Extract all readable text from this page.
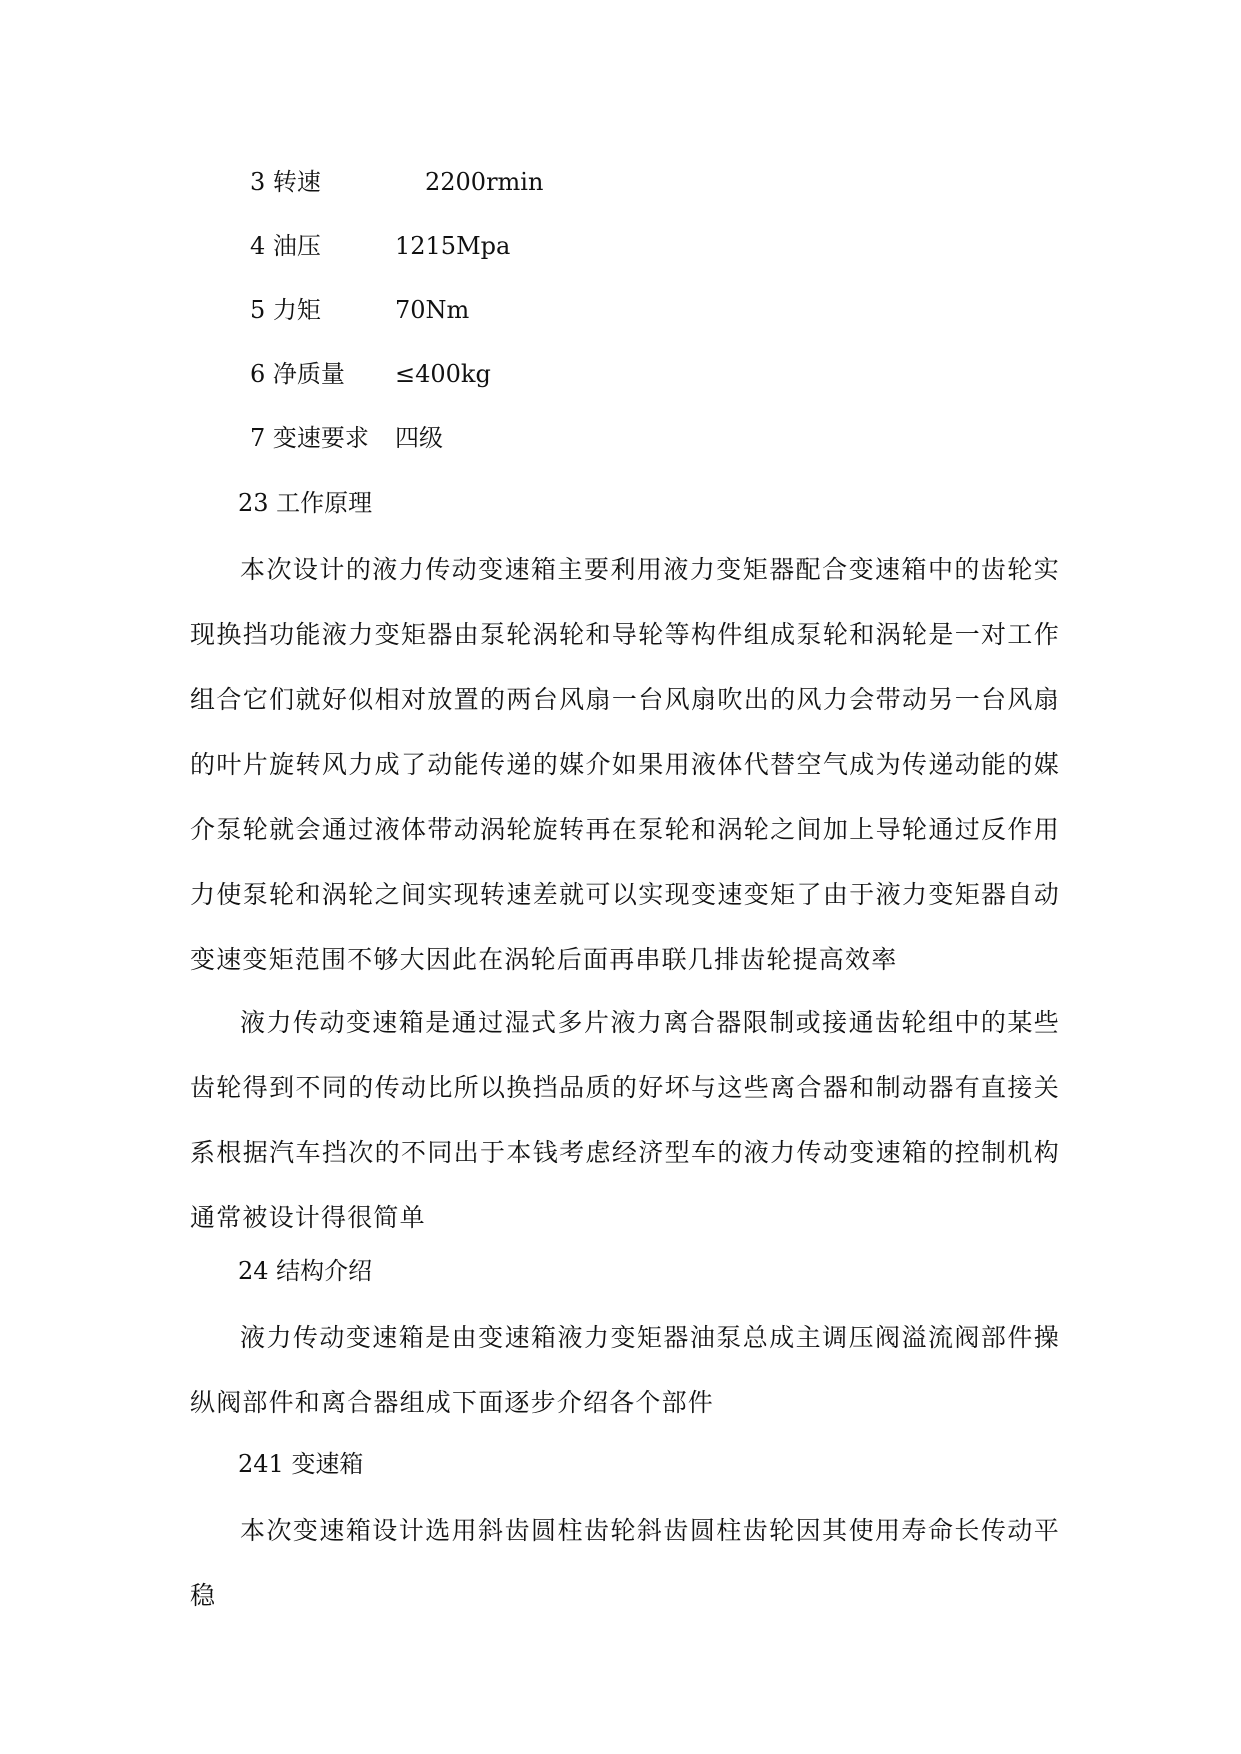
3 转速	2200rmin
4 油压	1215Mpa
5 力矩	70Nm
6 净质量 ≤400kg
7 变速要求 四级
23 工作原理

本次设计的液力传动变速箱主要利用液力变矩器配合变速箱中的齿轮实现换挡功能液力变矩器由泵轮涡轮和导轮等构件组成泵轮和涡轮是一对工作组合它们就好似相对放置的两台风扇一台风扇吹出的风力会带动另一台风扇的叶片旋转风力成了动能传递的媒介如果用液体代替空气成为传递动能的媒介泵轮就会通过液体带动涡轮旋转再在泵轮和涡轮之间加上导轮通过反作用力使泵轮和涡轮之间实现转速差就可以实现变速变矩了由于液力变矩器自动变速变矩范围不够大因此在涡轮后面再串联几排齿轮提高效率

液力传动变速箱是通过湿式多片液力离合器限制或接通齿轮组中的某些齿轮得到不同的传动比所以换挡品质的好坏与这些离合器和制动器有直接关系根据汽车挡次的不同出于本钱考虑经济型车的液力传动变速箱的控制机构通常被设计得很简单

24 结构介绍

液力传动变速箱是由变速箱液力变矩器油泵总成主调压阀溢流阀部件操纵阀部件和离合器组成下面逐步介绍各个部件

241 变速箱

本次变速箱设计选用斜齿圆柱齿轮斜齿圆柱齿轮因其使用寿命长传动平稳
